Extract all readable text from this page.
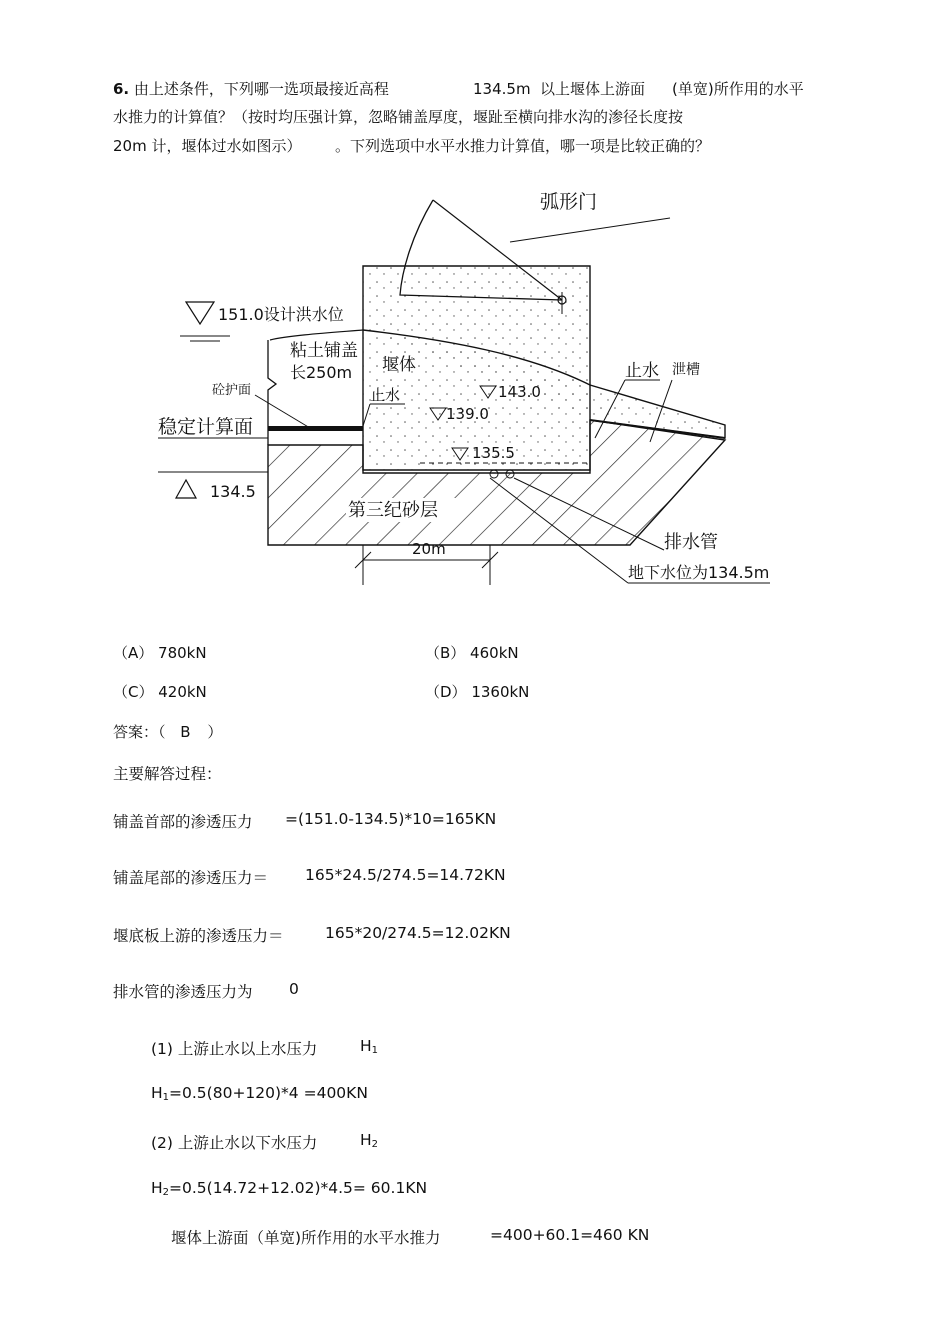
6. 由上述条件，下列哪一选项最接近高程	134.5m 以上堰体上游面 (单宽)所作用的水平
水推力的计算值？（按时均压强计算，忽略铺盖厚度，堰趾至横向排水沟的渗径长度按
20m 计，堰体过水如图示） 。下列选项中水平水推力计算值，哪一项是比较正确的？
弧形门
151.0设计洪水位
粘土铺盖
长250m 堰体
砼护面	止水
稳定计算面
143.0
139.0
135.5
134.5
第三纪砂层
止水 泄槽
排水管
地下水位为134.5m
20m
（A） 780kN	（B） 460kN
（C） 420kN	（D） 1360kN
答案：（ B ）
主要解答过程：
铺盖首部的渗透压力 =(151.0-134.5)*10=165KN
铺盖尾部的渗透压力＝ 165*24.5/274.5=14.72KN
堰底板上游的渗透压力＝	165*20/274.5=12.02KN
排水管的渗透压力为 0
(1) 上游止水以上水压力	$H_1$
$H_1=0.5(80+120)*4 =400KN$
(2) 上游止水以下水压力	$H_2$
$H_2=0.5(14.72+12.02)*4.5= 60.1KN$
堰体上游面（单宽)所作用的水平水推力	=400+60.1=460 KN
